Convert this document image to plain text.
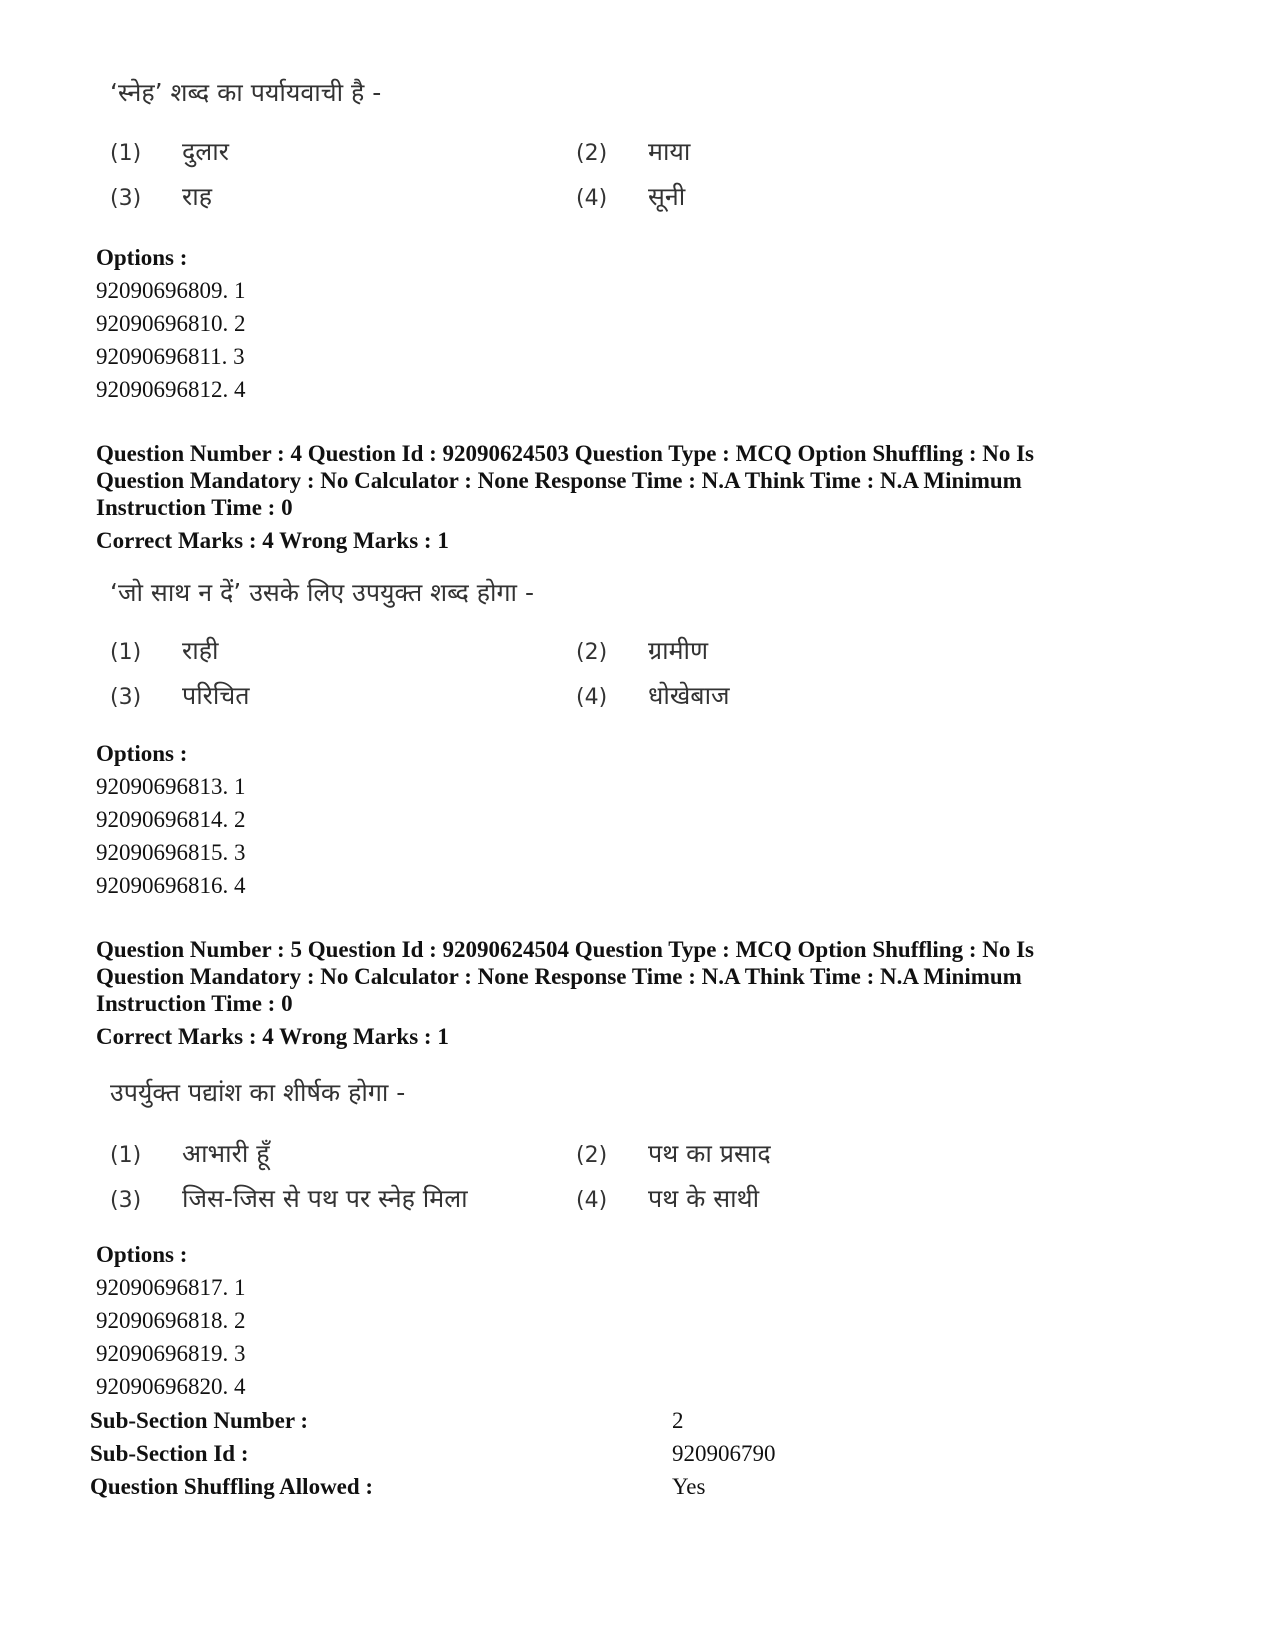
‘स्नेह’ शब्द का पर्यायवाची है -
(1)	दुलार	(2)	माया
(3)	राह	(4)	सूनी
Options :
92090696809. 1
92090696810. 2
92090696811. 3
92090696812. 4
Question Number : 4 Question Id : 92090624503 Question Type : MCQ Option Shuffling : No Is
Question Mandatory : No Calculator : None Response Time : N.A Think Time : N.A Minimum
Instruction Time : 0
Correct Marks : 4 Wrong Marks : 1
‘जो साथ न दें’ उसके लिए उपयुक्त शब्द होगा -
(1)	राही	(2)	ग्रामीण
(3)	परिचित	(4)	धोखेबाज
Options :
92090696813. 1
92090696814. 2
92090696815. 3
92090696816. 4
Question Number : 5 Question Id : 92090624504 Question Type : MCQ Option Shuffling : No Is
Question Mandatory : No Calculator : None Response Time : N.A Think Time : N.A Minimum
Instruction Time : 0
Correct Marks : 4 Wrong Marks : 1
उपर्युक्त पद्यांश का शीर्षक होगा -
(1)	आभारी हूँ	(2)	पथ का प्रसाद
(3)	जिस-जिस से पथ पर स्नेह मिला	(4)	पथ के साथी
Options :
92090696817. 1
92090696818. 2
92090696819. 3
92090696820. 4
Sub-Section Number :	2
Sub-Section Id :	920906790
Question Shuffling Allowed :	Yes
